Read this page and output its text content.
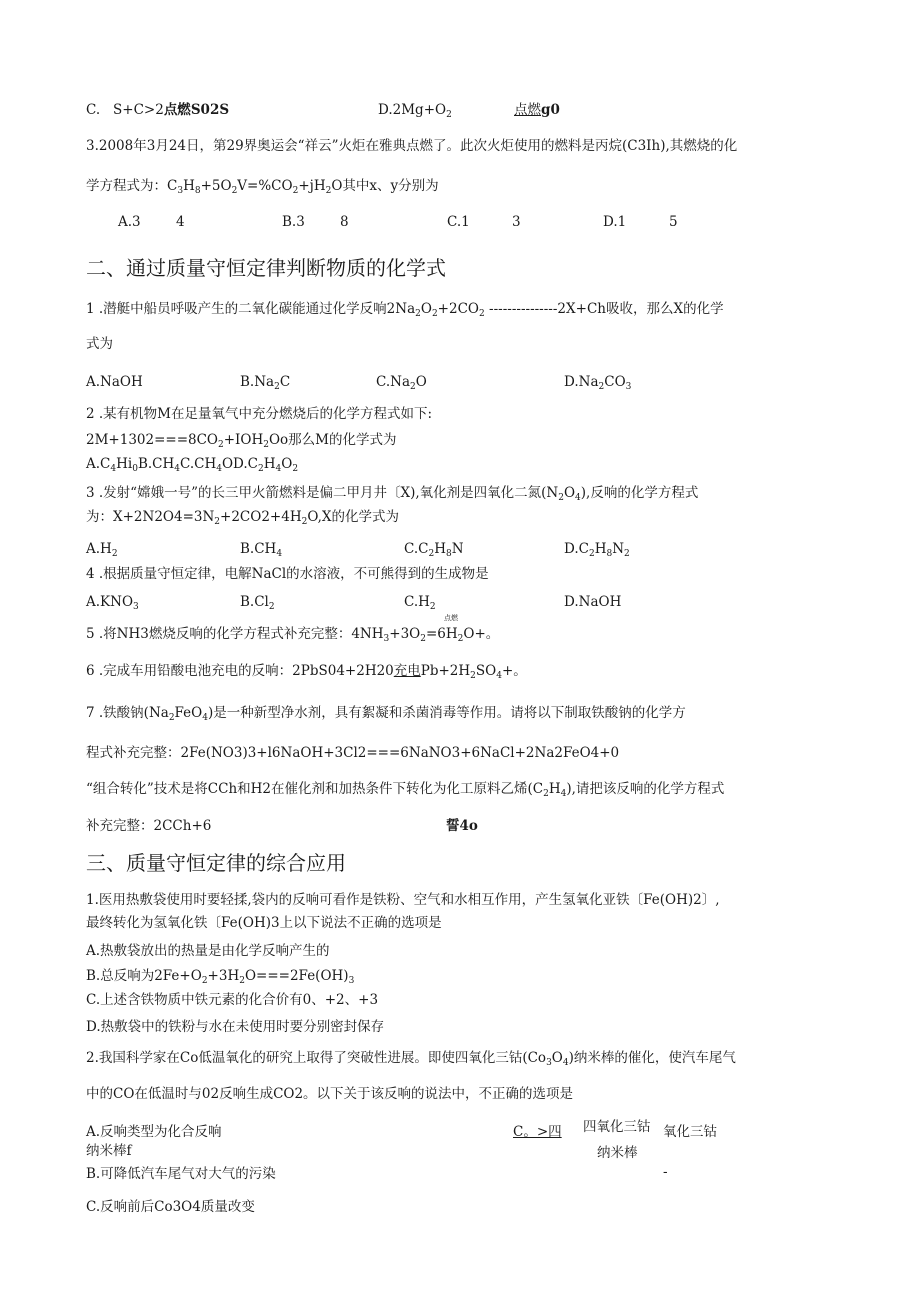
C. S+C>2点燃S02S	$D.2Mg+O_2$	点燃g0
3.2008年3月24日，第29界奥运会“祥云”火炬在雅典点燃了。此次火炬使用的燃料是丙烷(C3Ih),其燃烧的化
学方程式为：$C_3H_8+5O_2V=\%CO_2+jH_2O$其中x、y分别为
A.3	4	B.3	8	C.1	3	D.1	5
二、通过质量守恒定律判断物质的化学式
1 .潜艇中船员呼吸产生的二氧化碳能通过化学反响$2Na_2O_2+2CO_2$ ---------------2X+Ch吸收，那么X的化学
式为
A.NaOH	$B.Na_2C$	$C.Na_2O$	$D.Na_2CO_3$
2 .某有机物M在足量氧气中充分燃烧后的化学方程式如下:
$2M+1302===8CO_2+IOH_2Oo$那么M的化学式为
$A.C_4Hi_0B.CH_4C.CH_4OD.C_2H_4O_2$
3 .发射“嫦娥一号”的长三甲火箭燃料是偏二甲月井〔X),氧化剂是四氧化二氮$(N_2O_4)$,反响的化学方程式
为：$X+2N2O4=3N_2+2CO2+4H_2O,X$的化学式为
$A.H_2$	$B.CH_4$	$C.C_2H_8N$	$D.C_2H_8N_2$
4 .根据质量守恒定律，电解NaCl的水溶液，不可熊得到的生成物是
$A.KNO_3$	$B.Cl_2$	$C.H_2$	D.NaOH
点燃
5 .将NH3燃烧反响的化学方程式补充完整：$4NH_3+3O_2=6H_2O+$。
6 .完成车用铅酸电池充电的反响：2PbS04+2H20充电$Pb+2H_2SO_4+$。
7 .铁酸钠$(Na_2FeO_4)$是一种新型净水剂，具有絮凝和杀菌消毒等作用。请将以下制取铁酸钠的化学方
程式补充完整：2Fe(NO3)3+l6NaOH+3Cl2===6NaNO3+6NaCl+2Na2FeO4+0
“组合转化”技术是将CCh和H2在催化剂和加热条件下转化为化工原料乙烯$(C_2H_4)$,请把该反响的化学方程式
补充完整：2CCh+6	誓4o
三、质量守恒定律的综合应用
1.医用热敷袋使用时要轻揉,袋内的反响可看作是铁粉、空气和水相互作用，产生氢氧化亚铁〔Fe(OH)2〕,
最终转化为氢氧化铁〔Fe(OH)3上以下说法不正确的选项是
A.热敷袋放出的热量是由化学反响产生的
B.总反响为$2Fe+O_2+3H_2O===2Fe(OH)_3$
C.上述含铁物质中铁元素的化合价有0、+2、+3
D.热敷袋中的铁粉与水在未使用时要分别密封保存
2.我国科学家在Co低温氧化的研究上取得了突破性进展。即使四氧化三钴$(Co_3O_4)$纳米棒的催化，使汽车尾气
中的CO在低温时与02反响生成CO2。以下关于该反响的说法中，不正确的选项是
A.反响类型为化合反响
纳米棒f
B.可降低汽车尾气对大气的污染
C.反响前后Co3O4质量改变
C。>四 四氧化三钴 氧化三钴
纳米棒
-
